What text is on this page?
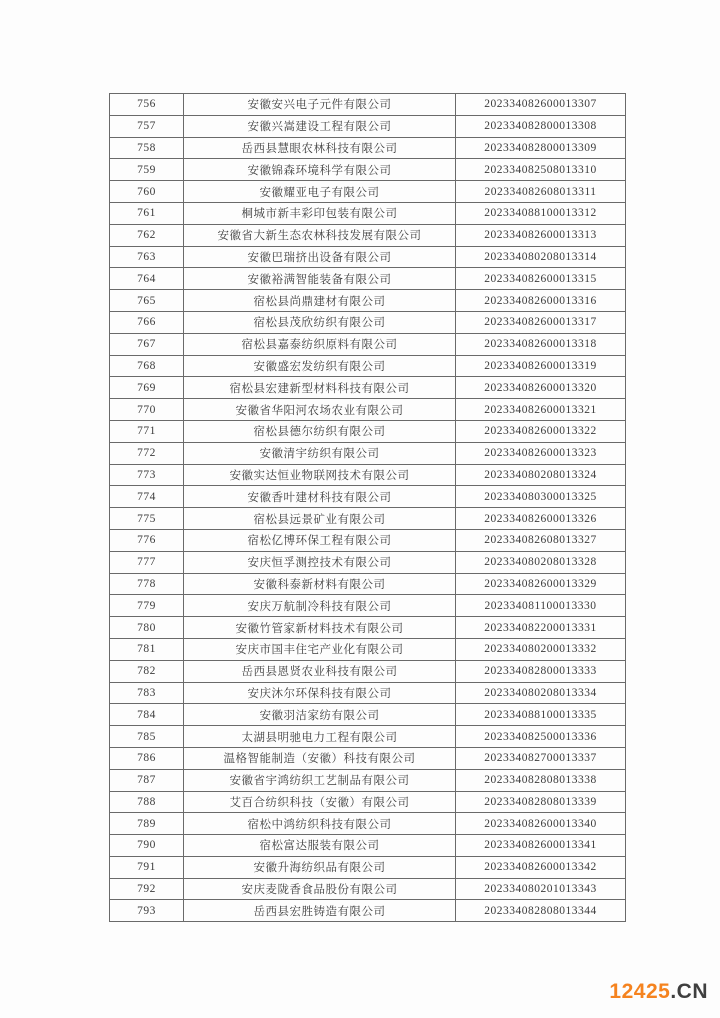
756	安徽安兴电子元件有限公司	202334082600013307
757	安徽兴嵩建设工程有限公司	202334082800013308
758	岳西县慧眼农林科技有限公司	202334082800013309
759	安徽锦森环境科学有限公司	202334082508013310
760	安徽耀亚电子有限公司	202334082608013311
761	桐城市新丰彩印包装有限公司	202334088100013312
762	安徽省大新生态农林科技发展有限公司	202334082600013313
763	安徽巴瑞挤出设备有限公司	202334080208013314
764	安徽裕满智能装备有限公司	202334082600013315
765	宿松县尚鼎建材有限公司	202334082600013316
766	宿松县茂欣纺织有限公司	202334082600013317
767	宿松县嘉泰纺织原料有限公司	202334082600013318
768	安徽盛宏发纺织有限公司	202334082600013319
769	宿松县宏建新型材料科技有限公司	202334082600013320
770	安徽省华阳河农场农业有限公司	202334082600013321
771	宿松县德尔纺织有限公司	202334082600013322
772	安徽清宇纺织有限公司	202334082600013323
773	安徽实达恒业物联网技术有限公司	202334080208013324
774	安徽香叶建材科技有限公司	202334080300013325
775	宿松县远景矿业有限公司	202334082600013326
776	宿松亿博环保工程有限公司	202334082608013327
777	安庆恒孚测控技术有限公司	202334080208013328
778	安徽科泰新材料有限公司	202334082600013329
779	安庆万航制冷科技有限公司	202334081100013330
780	安徽竹管家新材料技术有限公司	202334082200013331
781	安庆市国丰住宅产业化有限公司	202334080200013332
782	岳西县恩贤农业科技有限公司	202334082800013333
783	安庆沐尔环保科技有限公司	202334080208013334
784	安徽羽洁家纺有限公司	202334088100013335
785	太湖县明驰电力工程有限公司	202334082500013336
786	温格智能制造（安徽）科技有限公司	202334082700013337
787	安徽省宇鸿纺织工艺制品有限公司	202334082808013338
788	艾百合纺织科技（安徽）有限公司	202334082808013339
789	宿松中鸿纺织科技有限公司	202334082600013340
790	宿松富达服装有限公司	202334082600013341
791	安徽升海纺织品有限公司	202334082600013342
792	安庆麦陇香食品股份有限公司	202334080201013343
793	岳西县宏胜铸造有限公司	202334082808013344
12425.CN
